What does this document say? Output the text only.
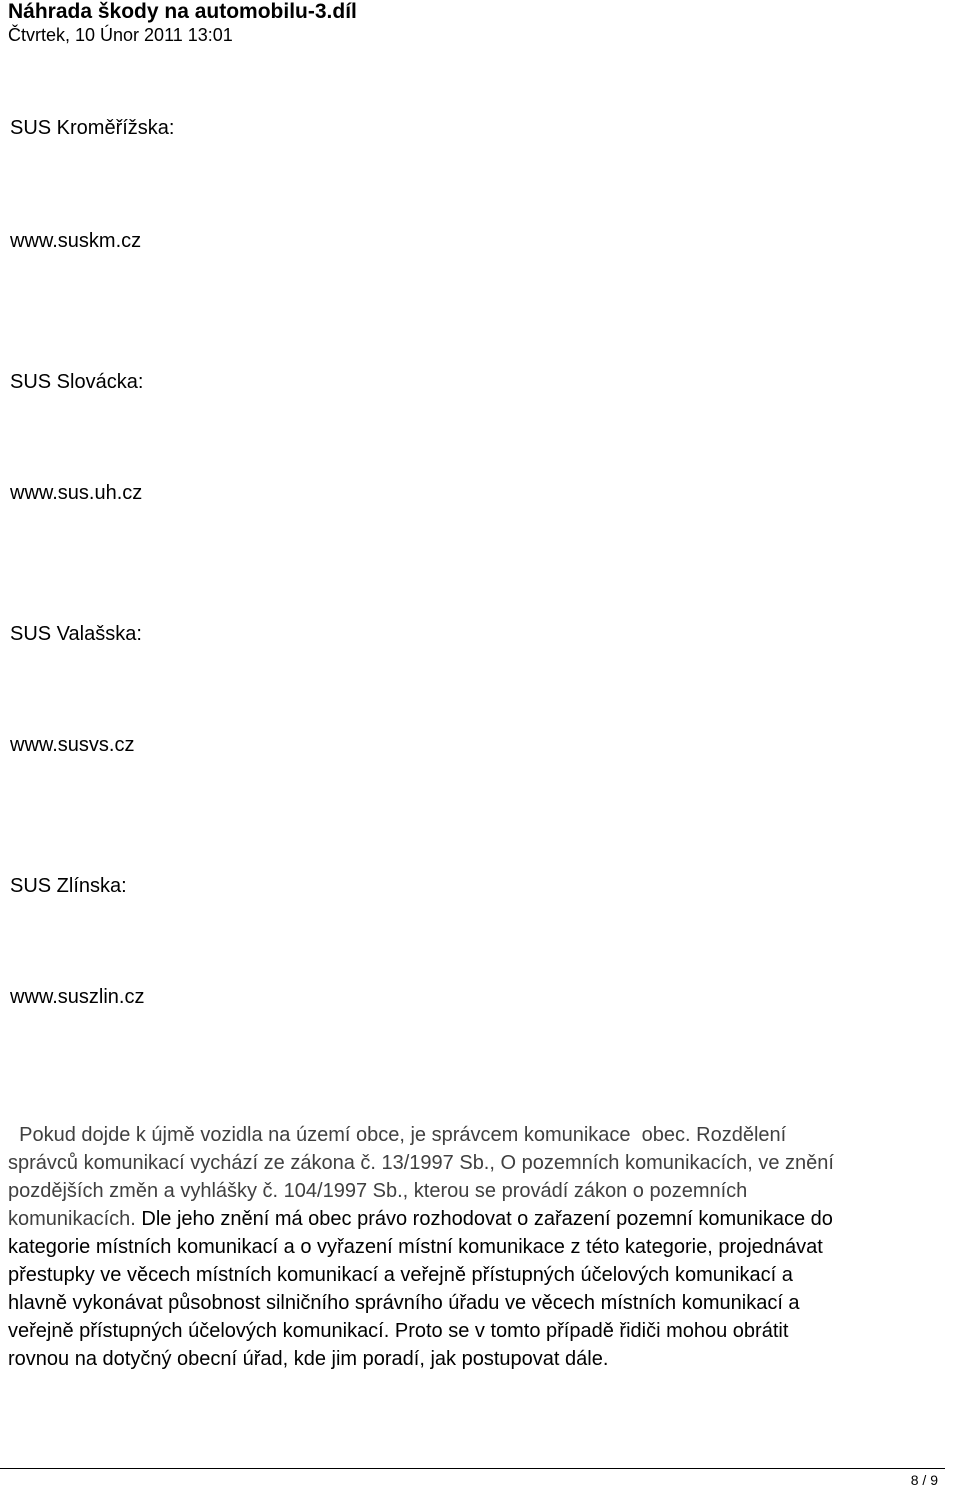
Náhrada škody na automobilu-3.díl

Čtvrtek, 10 Únor 2011 13:01

SUS Kroměřížska:

www.suskm.cz

SUS Slovácka:

www.sus.uh.cz

SUS Valašska:

www.susvs.cz

SUS Zlínska:

www.suszlin.cz

Pokud dojde k újmě vozidla na území obce, je správcem komunikace  obec. Rozdělení
správců komunikací vychází ze zákona č. 13/1997 Sb., O pozemních komunikacích, ve znění
pozdějších změn a vyhlášky č. 104/1997 Sb., kterou se provádí zákon o pozemních
komunikacích. Dle jeho znění má obec právo rozhodovat o zařazení pozemní komunikace do
kategorie místních komunikací a o vyřazení místní komunikace z této kategorie, projednávat
přestupky ve věcech místních komunikací a veřejně přístupných účelových komunikací a
hlavně vykonávat působnost silničního správního úřadu ve věcech místních komunikací a
veřejně přístupných účelových komunikací. Proto se v tomto případě řidiči mohou obrátit
rovnou na dotyčný obecní úřad, kde jim poradí, jak postupovat dále.
8 / 9
